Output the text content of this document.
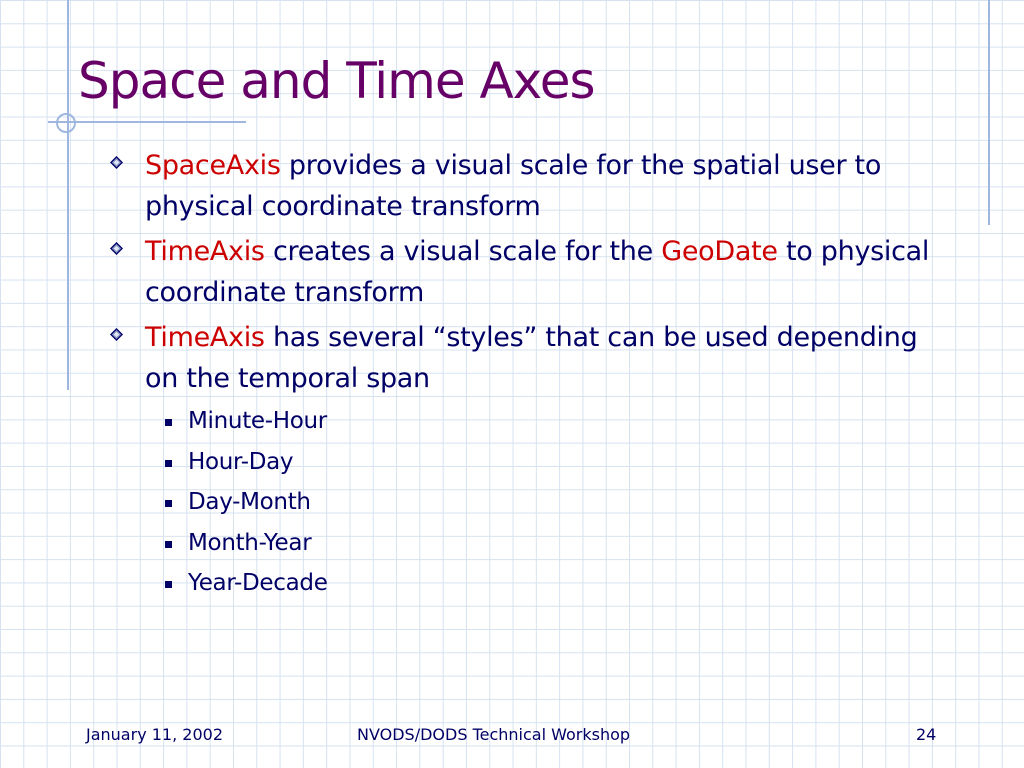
Space and Time Axes
SpaceAxis provides a visual scale for the spatial user to physical coordinate transform
TimeAxis creates a visual scale for the GeoDate to physical coordinate transform
TimeAxis has several “styles” that can be used depending on the temporal span
Minute-Hour
Hour-Day
Day-Month
Month-Year
Year-Decade
January 11, 2002	NVODS/DODS Technical Workshop	24
